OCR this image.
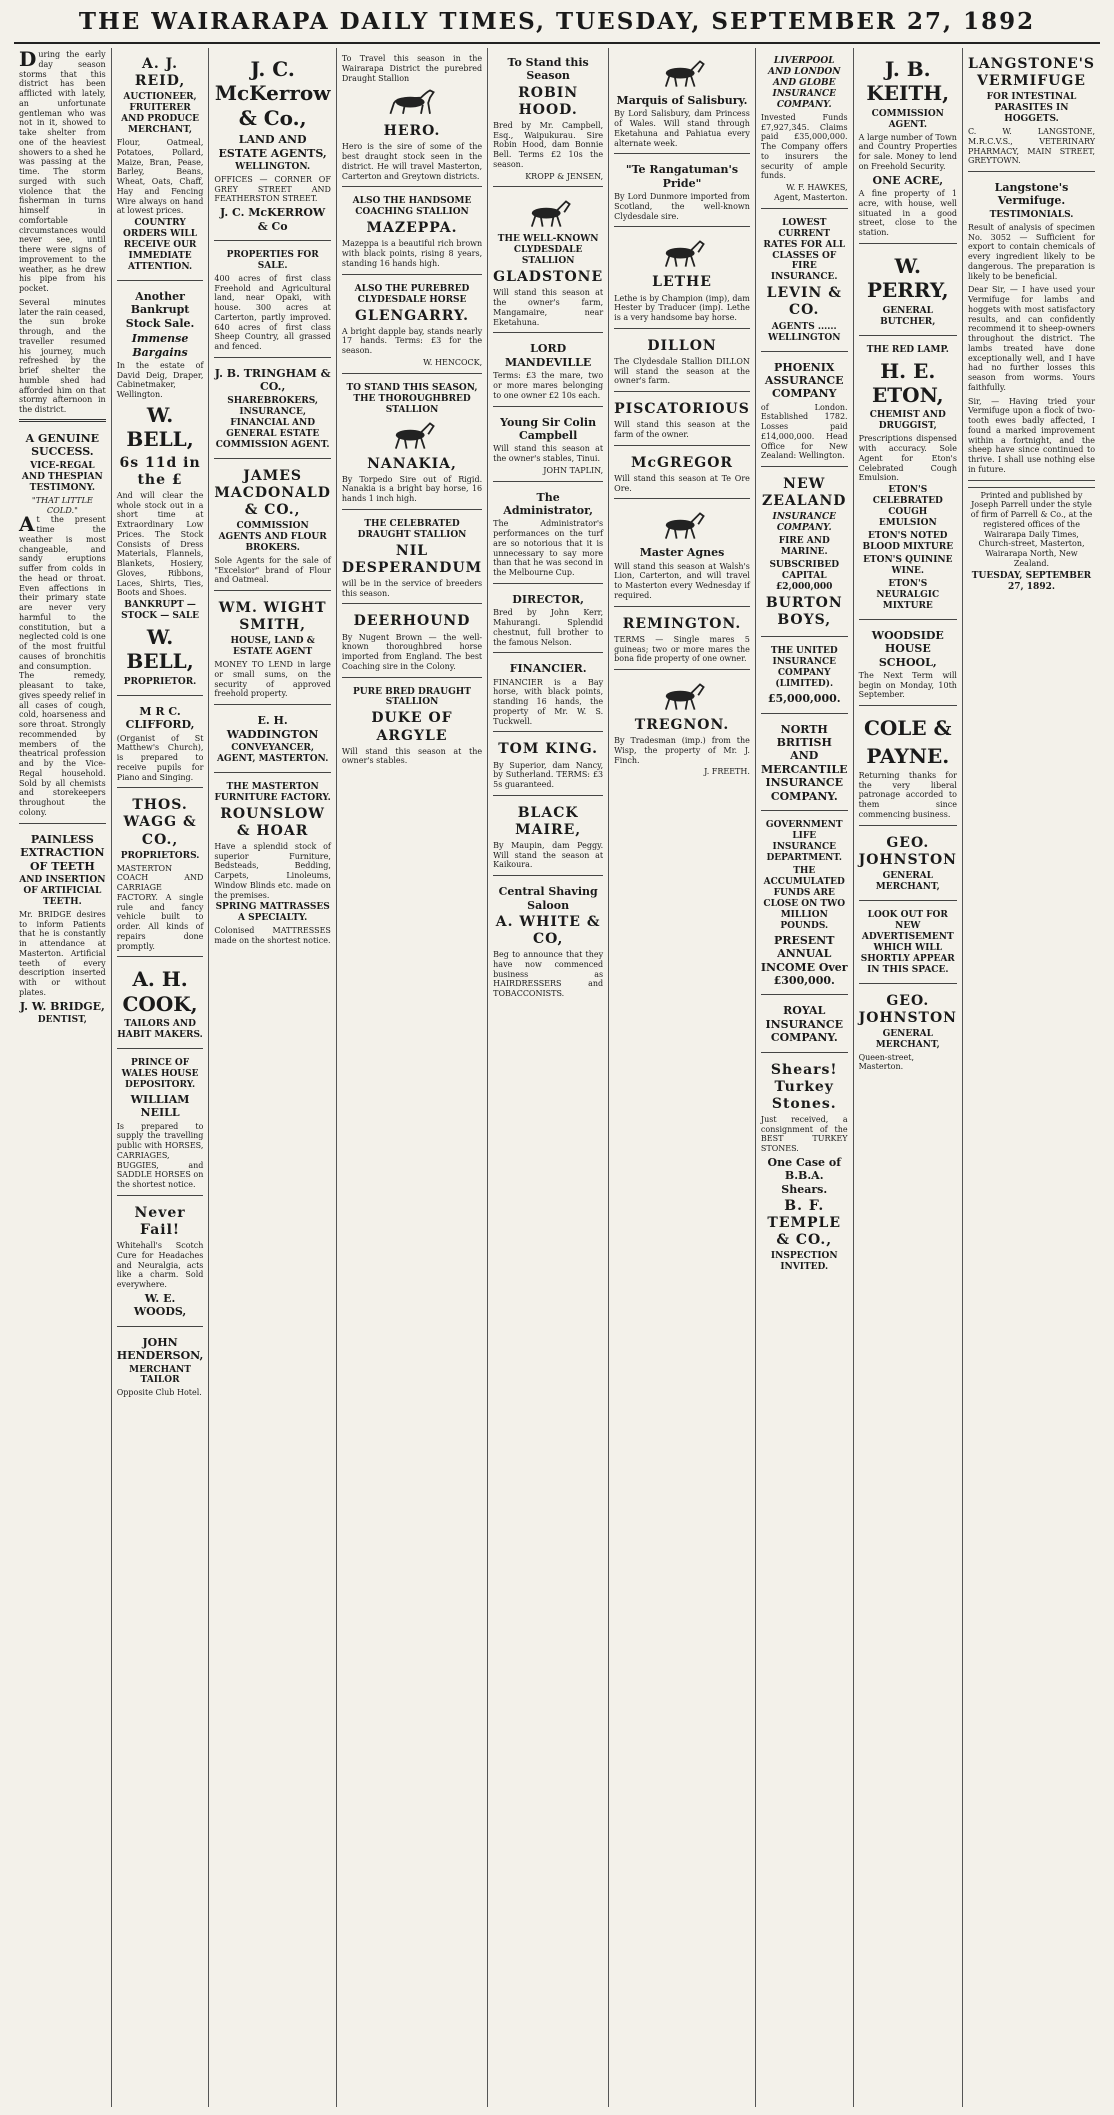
THE WAIRARAPA DAILY TIMES, TUESDAY, SEPTEMBER 27, 1892
During the early day season storms that this district has been afflicted with lately, an unfortunate gentleman who was not in it, showed to take shelter from one of the heaviest showers to a shed he was passing at the time. The storm surged with such violence that the fisherman in turns himself in comfortable circumstances would never see, until there were signs of improvement to the weather, as he drew his pipe from his pocket.
Several minutes later the rain ceased, the sun broke through, and the traveller resumed his journey, much refreshed by the brief shelter the humble shed had afforded him on that stormy afternoon in the district.
A GENUINE SUCCESS.
VICE-REGAL AND THESPIAN TESTIMONY.
"THAT LITTLE COLD."
At the present time the weather is most changeable, and sandy eruptions suffer from colds in the head or throat. Even affections in their primary state are never very harmful to the constitution, but a neglected cold is one of the most fruitful causes of bronchitis and consumption.
The remedy, pleasant to take, gives speedy relief in all cases of cough, cold, hoarseness and sore throat. Strongly recommended by members of the theatrical profession and by the Vice-Regal household. Sold by all chemists and storekeepers throughout the colony.
PAINLESS EXTRACTION OF TEETH
AND INSERTION OF ARTIFICIAL TEETH.
Mr. BRIDGE desires to inform Patients that he is constantly in attendance at Masterton. Artificial teeth of every description inserted with or without plates.
J. W. BRIDGE,
DENTIST,
A. J. REID,
AUCTIONEER, FRUITERER AND PRODUCE MERCHANT,
Flour, Oatmeal, Potatoes, Pollard, Maize, Bran, Pease, Barley, Beans, Wheat, Oats, Chaff, Hay and Fencing Wire always on hand at lowest prices.
COUNTRY ORDERS WILL RECEIVE OUR IMMEDIATE ATTENTION.
Another Bankrupt Stock Sale.
Immense Bargains
In the estate of David Deig, Draper, Cabinetmaker, Wellington.
W. BELL,
6s 11d in the £
And will clear the whole stock out in a short time at Extraordinary Low Prices. The Stock Consists of Dress Materials, Flannels, Blankets, Hosiery, Gloves, Ribbons, Laces, Shirts, Ties, Boots and Shoes.
BANKRUPT — STOCK — SALE
W. BELL,
PROPRIETOR.
M R C. CLIFFORD,
(Organist of St Matthew's Church), is prepared to receive pupils for Piano and Singing.
THOS. WAGG & CO.,
PROPRIETORS.
MASTERTON COACH AND CARRIAGE FACTORY. A single rule and fancy vehicle built to order. All kinds of repairs done promptly.
A. H. COOK,
TAILORS AND HABIT MAKERS.
PRINCE OF WALES HOUSE DEPOSITORY.
WILLIAM NEILL
Is prepared to supply the travelling public with HORSES, CARRIAGES, BUGGIES, and SADDLE HORSES on the shortest notice.
Never Fail!
Whitehall's Scotch Cure for Headaches and Neuralgia, acts like a charm. Sold everywhere.
W. E. WOODS,
JOHN HENDERSON,
MERCHANT TAILOR
Opposite Club Hotel.
J. C. McKerrow & Co.,
LAND AND ESTATE AGENTS,
WELLINGTON.
OFFICES — CORNER OF GREY STREET AND FEATHERSTON STREET.
J. C. McKERROW & Co
PROPERTIES FOR SALE.
400 acres of first class Freehold and Agricultural land, near Opaki, with house. 300 acres at Carterton, partly improved. 640 acres of first class Sheep Country, all grassed and fenced.
J. B. TRINGHAM & CO.,
SHAREBROKERS, INSURANCE, FINANCIAL AND GENERAL ESTATE COMMISSION AGENT.
JAMES MACDONALD & CO.,
COMMISSION AGENTS AND FLOUR BROKERS.
Sole Agents for the sale of "Excelsior" brand of Flour and Oatmeal.
WM. WIGHT SMITH,
HOUSE, LAND & ESTATE AGENT
MONEY TO LEND in large or small sums, on the security of approved freehold property.
E. H. WADDINGTON
CONVEYANCER, AGENT, MASTERTON.
THE MASTERTON FURNITURE FACTORY.
ROUNSLOW & HOAR
Have a splendid stock of superior Furniture, Bedsteads, Bedding, Carpets, Linoleums, Window Blinds etc. made on the premises.
SPRING MATTRASSES A SPECIALTY.
Colonised MATTRESSES made on the shortest notice.
To Travel this season in the Wairarapa District the purebred Draught Stallion
HERO.
Hero is the sire of some of the best draught stock seen in the district. He will travel Masterton, Carterton and Greytown districts.
ALSO THE HANDSOME COACHING STALLION
MAZEPPA.
Mazeppa is a beautiful rich brown with black points, rising 8 years, standing 16 hands high.
ALSO THE PUREBRED CLYDESDALE HORSE
GLENGARRY.
A bright dapple bay, stands nearly 17 hands. Terms: £3 for the season.
W. HENCOCK,
TO STAND THIS SEASON, THE THOROUGHBRED STALLION
NANAKIA,
By Torpedo Sire out of Rigid. Nanakia is a bright bay horse, 16 hands 1 inch high.
THE CELEBRATED DRAUGHT STALLION
NIL DESPERANDUM
will be in the service of breeders this season.
DEERHOUND
By Nugent Brown — the well-known thoroughbred horse imported from England. The best Coaching sire in the Colony.
PURE BRED DRAUGHT STALLION
DUKE OF ARGYLE
Will stand this season at the owner's stables.
To Stand this Season
ROBIN HOOD.
Bred by Mr. Campbell, Esq., Waipukurau. Sire Robin Hood, dam Bonnie Bell. Terms £2 10s the season.
KROPP & JENSEN,
THE WELL-KNOWN CLYDESDALE STALLION
GLADSTONE
Will stand this season at the owner's farm, Mangamaire, near Eketahuna.
LORD MANDEVILLE
Terms: £3 the mare, two or more mares belonging to one owner £2 10s each.
Young Sir Colin Campbell
Will stand this season at the owner's stables, Tinui.
JOHN TAPLIN,
The Administrator,
The Administrator's performances on the turf are so notorious that it is unnecessary to say more than that he was second in the Melbourne Cup.
DIRECTOR,
Bred by John Kerr, Mahurangi. Splendid chestnut, full brother to the famous Nelson.
FINANCIER.
FINANCIER is a Bay horse, with black points, standing 16 hands, the property of Mr. W. S. Tuckwell.
TOM KING.
By Superior, dam Nancy, by Sutherland. TERMS: £3 5s guaranteed.
BLACK MAIRE,
By Maupin, dam Peggy. Will stand the season at Kaikoura.
Central Shaving Saloon
A. WHITE & CO,
Beg to announce that they have now commenced business as HAIRDRESSERS and TOBACCONISTS.
Marquis of Salisbury.
By Lord Salisbury, dam Princess of Wales. Will stand through Eketahuna and Pahiatua every alternate week.
"Te Rangatuman's Pride"
By Lord Dunmore imported from Scotland, the well-known Clydesdale sire.
LETHE
Lethe is by Champion (imp), dam Hester by Traducer (imp). Lethe is a very handsome bay horse.
DILLON
The Clydesdale Stallion DILLON will stand the season at the owner's farm.
PISCATORIOUS
Will stand this season at the farm of the owner.
McGREGOR
Will stand this season at Te Ore Ore.
Master Agnes
Will stand this season at Walsh's Lion, Carterton, and will travel to Masterton every Wednesday if required.
REMINGTON.
TERMS — Single mares 5 guineas; two or more mares the bona fide property of one owner.
TREGNON.
By Tradesman (imp.) from the Wisp, the property of Mr. J. Finch.
J. FREETH.
LIVERPOOL AND LONDON AND GLOBE INSURANCE COMPANY.
Invested Funds £7,927,345. Claims paid £35,000,000. The Company offers to insurers the security of ample funds.
W. F. HAWKES, Agent, Masterton.
LOWEST CURRENT RATES FOR ALL CLASSES OF FIRE INSURANCE.
LEVIN & CO.
AGENTS ...... WELLINGTON
PHOENIX ASSURANCE COMPANY
of London. Established 1782. Losses paid £14,000,000. Head Office for New Zealand: Wellington.
NEW ZEALAND
INSURANCE COMPANY.
FIRE AND MARINE.
SUBSCRIBED CAPITAL £2,000,000
BURTON BOYS,
THE UNITED INSURANCE COMPANY (LIMITED).
£5,000,000.
NORTH BRITISH AND MERCANTILE INSURANCE COMPANY.
GOVERNMENT LIFE INSURANCE DEPARTMENT.
THE ACCUMULATED FUNDS ARE CLOSE ON TWO MILLION POUNDS.
PRESENT ANNUAL INCOME Over £300,000.
ROYAL INSURANCE COMPANY.
Shears! Turkey Stones.
Just received, a consignment of the BEST TURKEY STONES.
One Case of B.B.A. Shears.
B. F. TEMPLE & CO.,
INSPECTION INVITED.
J. B. KEITH,
COMMISSION AGENT.
A large number of Town and Country Properties for sale. Money to lend on Freehold Security.
ONE ACRE,
A fine property of 1 acre, with house, well situated in a good street, close to the station.
W. PERRY,
GENERAL BUTCHER,
THE RED LAMP.
H. E. ETON,
CHEMIST AND DRUGGIST,
Prescriptions dispensed with accuracy. Sole Agent for Eton's Celebrated Cough Emulsion.
ETON'S CELEBRATED COUGH EMULSION
ETON'S NOTED BLOOD MIXTURE
ETON'S QUININE WINE.
ETON'S NEURALGIC MIXTURE
WOODSIDE HOUSE SCHOOL,
The Next Term will begin on Monday, 10th September.
COLE &
PAYNE.
Returning thanks for the very liberal patronage accorded to them since commencing business.
GEO. JOHNSTON
GENERAL MERCHANT,
LOOK OUT FOR NEW ADVERTISEMENT WHICH WILL SHORTLY APPEAR IN THIS SPACE.
GEO. JOHNSTON
GENERAL MERCHANT,
Queen-street, Masterton.
LANGSTONE'S VERMIFUGE
FOR INTESTINAL PARASITES IN HOGGETS.
C. W. LANGSTONE, M.R.C.V.S., VETERINARY PHARMACY, MAIN STREET, GREYTOWN.
Langstone's Vermifuge.
TESTIMONIALS.
Result of analysis of specimen No. 3052 — Sufficient for export to contain chemicals of every ingredient likely to be dangerous. The preparation is likely to be beneficial.
Dear Sir, — I have used your Vermifuge for lambs and hoggets with most satisfactory results, and can confidently recommend it to sheep-owners throughout the district. The lambs treated have done exceptionally well, and I have had no further losses this season from worms. Yours faithfully.
Sir, — Having tried your Vermifuge upon a flock of two-tooth ewes badly affected, I found a marked improvement within a fortnight, and the sheep have since continued to thrive. I shall use nothing else in future.
Printed and published by Joseph Parrell under the style of firm of Parrell & Co., at the registered offices of the Wairarapa Daily Times, Church-street, Masterton, Wairarapa North, New Zealand.
TUESDAY, SEPTEMBER 27, 1892.
